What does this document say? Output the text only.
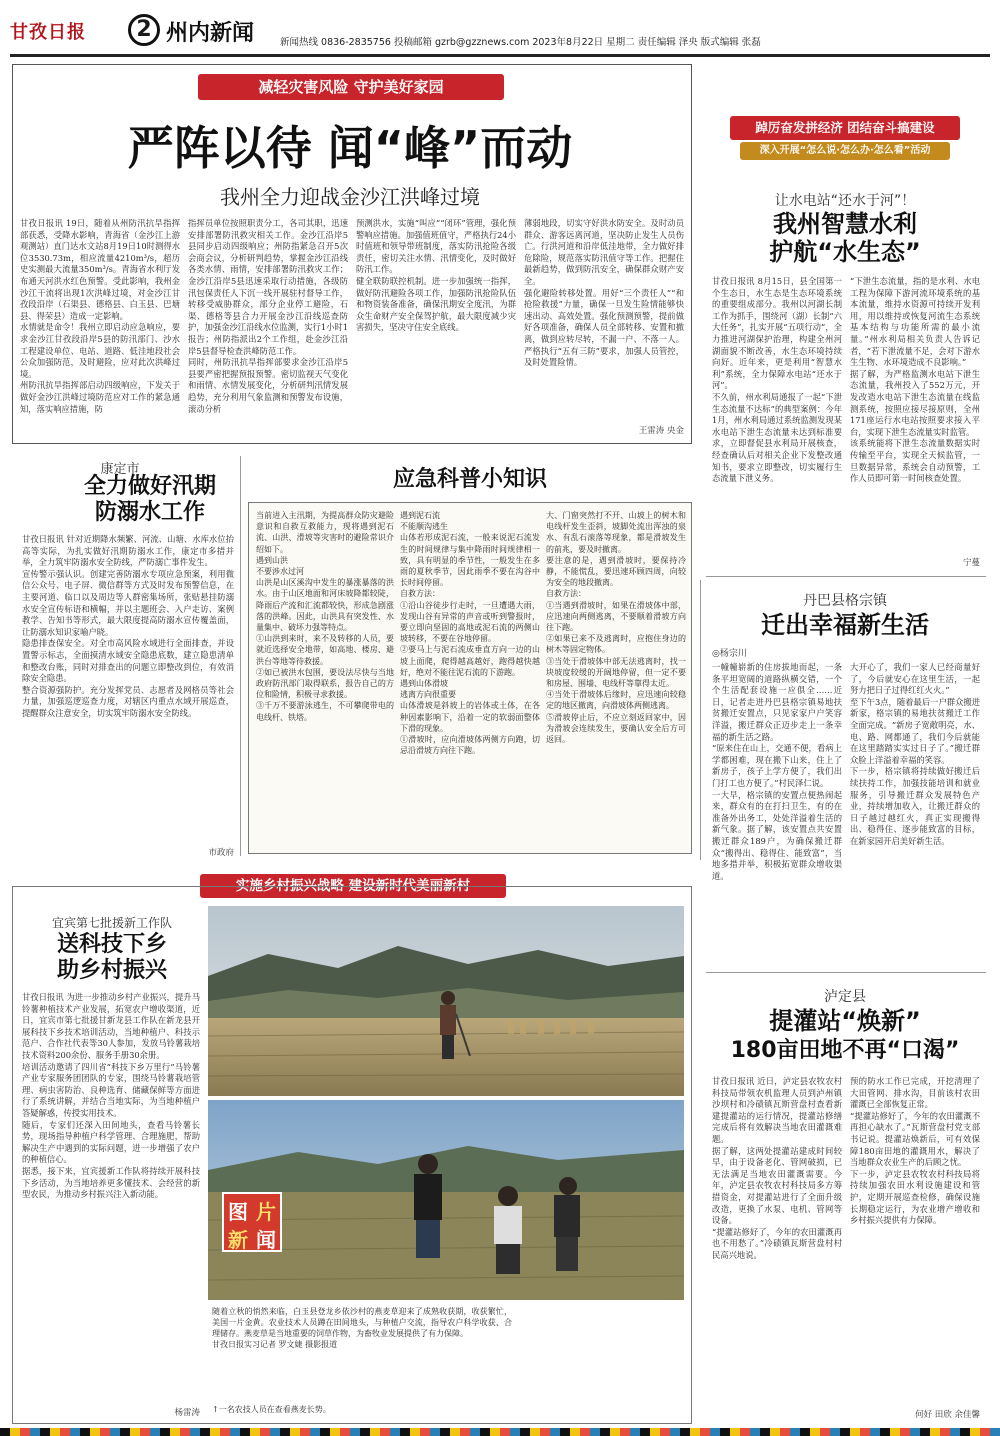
甘孜日报	2 州内新闻	新闻热线 0836-2835756 投稿邮箱 gzrb@gzznews.com 2023年8月22日 星期二 责任编辑 泽央 版式编辑 张磊
减轻灾害风险 守护美好家园
严阵以待 闻“峰”而动
我州全力迎战金沙江洪峰过境
甘孜日报讯 19日，随着从州防汛抗旱指挥部获悉，受降水影响，青海省（金沙江上游观测站）直门达水文站8月19日10时测得水位3530.73m，相应流量4210m³/s，超历史实测最大流量350m³/s。青海省水利厅发布通天河洪水红色预警。受此影响，我州金沙江干流将出现1次洪峰过境，对金沙江甘孜段沿岸（石渠县、德格县、白玉县、巴塘县、得荣县）造成一定影响。
水情就是命令！我州立即启动应急响应，要求金沙江甘孜段沿岸5县的防汛部门、沙水工程建设单位、电站、道路、低洼地段社会公众加强防范，及时避险，应对此次洪峰过境。
州防汛抗旱指挥部启动四级响应，下发关于做好金沙江洪峰过境防范应对工作的紧急通知，落实响应措施，防
指挥员单位按照职责分工，各司其职，迅速安排部署防汛救灾相关工作。金沙江沿岸5县同步启动四级响应；州防指紧急召开5次会商会议，分析研判趋势，掌握金沙江沿线各类水情、雨情，安排部署防汛救灾工作；金沙江沿岸5县迅速采取行动措施，各级防汛包保责任人下沉一线开展驻村督导工作，转移受威胁群众，部分企业停工避险，石渠、德格等县合力开展金沙江沿线巡查防护，加强金沙江沿线水位监测，实行1小时1报告；州防指派出2个工作组，赴金沙江沿岸5县督导检查洪峰防范工作。
同时，州防汛抗旱指挥部要求金沙江沿岸5县要严密把握预报预警。密切监视天气变化和雨情、水情发展变化，分析研判汛情发展趋势，充分利用气象监测和预警发布设施，滚动分析
预测洪水，实施“叫应”“闭环”管理，强化预警响应措施。加强值班值守，严格执行24小时值班和领导带班制度，落实防汛抢险各级责任，密切关注水情、汛情变化，及时做好防汛工作。
健全联防联控机制。进一步加强统一指挥，做好防汛避险各项工作，加强防汛抢险队伍和物资装备准备，确保汛期安全度汛，为群众生命财产安全保驾护航，最大限度减少灾害损失，坚决守住安全底线。
薄弱地段，切实守好洪水防安全。及时动员群众、游客远离河道，坚决防止发生人员伤亡。行洪河道和沿岸低洼地带，全力做好排危除险，规范落实防汛值守等工作。把握住最新趋势，做到防汛安全，确保群众财产安全。
强化避险转移处置。用好“三个责任人”“和抢险救援”力量，确保一旦发生险情能够快速出动、高效处置。强化预测预警，提前做好各项准备，确保人员全部转移、安置和撤离，做到应转尽转，不漏一户、不落一人。严格执行“五有三防”要求，加强人员管控，及时处置险情。
王雷涛 央金
踔厉奋发拼经济 团结奋斗搞建设
深入开展“怎么说·怎么办·怎么看”活动
让水电站“还水于河”！
我州智慧水利
护航“水生态”
甘孜日报讯 8月15日，县全国第一个生态日，水生态是生态环境系统的重要组成部分。我州以河湖长制工作为抓手，围绕河（湖）长制“六大任务”，扎实开展“五项行动”，全力推进河湖保护治理，构建全州河湖面貌不断改善，水生态环境持续向好。近年来，更是利用“智慧水利”系统，全力保障水电站“还水于河”。
不久前，州水利局通报了一起“下泄生态流量不达标”的典型案例：今年1月，州水利局通过系统监测发现某水电站下泄生态流量未达到标准要求，立即督促县水利局开展核查，经查确认后对相关企业下发整改通知书，要求立即整改，切实履行生态流量下泄义务。
“下泄生态流量，指的是水利、水电工程为保障下游河流环境系统的基本流量，维持水资源可持续开发利用，用以维持或恢复河流生态系统基本结构与功能所需的最小流量。”州水利局相关负责人告诉记者，“若下泄流量不足，会对下游水生生物、水环境造成不良影响。”
据了解，为严格监测水电站下泄生态流量，我州投入了552万元，开发改造水电站下泄生态流量在线监测系统，按照应接尽接原则，全州171座运行水电站按照要求接入平台，实现下泄生态流量实时监管。
该系统能将下泄生态流量数据实时传输至平台，实现全天候监管，一旦数据异常，系统会自动预警，工作人员即可第一时间核查处置。
宁蔓
康定市
全力做好汛期
防溺水工作
甘孜日报讯 针对近期降水频繁、河流、山塘、水库水位抬高等实际，为扎实做好汛期防溺水工作，康定市多措并举，全力筑牢防溺水安全防线，严防溺亡事件发生。
宣传警示强认识。创建完善防溺水专项应急预案，利用微信公众号、电子屏、微信群等方式及时发布预警信息，在主要河道、临口以及周边等人群密集场所，张贴悬挂防溺水安全宣传标语和横幅，并以主题班会、入户走访、案例教学、告知书等形式，最大限度提高防溺水宣传覆盖面，让防溺水知识家喻户晓。
隐患排查保安全。对全市高风险水域进行全面排查，并设置警示标志，全面摸清水域安全隐患底数，建立隐患清单和整改台账，同时对排查出的问题立即整改到位，有效消除安全隐患。
整合资源强防护。充分发挥党员、志愿者及网格员等社会力量，加强巡逻巡查力度，对辖区内重点水域开展巡查，提醒群众注意安全，切实筑牢防溺水安全防线。
市政府
应急科普小知识
当前进入主汛期，为提高群众防灾避险意识和自救互救能力，现将遇到泥石流、山洪、滑坡等灾害时的避险常识介绍如下。
遇到山洪
不要涉水过河
山洪是山区溪沟中发生的暴涨暴落的洪水。由于山区地面和河床坡降都较陡，降雨后产流和汇流都较快，形成急剧涨落的洪峰。因此，山洪具有突发性、水量集中、破坏力强等特点。
①山洪到来时，来不及转移的人员，要就近选择安全地带，如高地、楼房、避洪台等地等待救援。
②如已被洪水包围，要设法尽快与当地政府防汛部门取得联系，报告自己的方位和险情，积极寻求救援。
③千万不要游泳逃生，不可攀爬带电的电线杆、铁塔。
遇到泥石流
不能顺沟逃生
山体若形成泥石流，一般来说泥石流发生的时间规律与集中降雨时间规律相一致，具有明显的季节性，一般发生在多雨的夏秋季节，因此雨季不要在沟谷中长时间停留。
自救方法：
①沿山谷徒步行走时，一旦遭遇大雨，发现山谷有异常的声音或听到警报时，要立即向坚固的高地或泥石流的两侧山坡转移，不要在谷地停留。
②要马上与泥石流成垂直方向一边的山坡上面爬，爬得越高越好，跑得越快越好，绝对不能往泥石流的下游跑。
遇到山体滑坡
逃离方向很重要
山体滑坡是斜坡上的岩体或土体，在各种因素影响下，沿着一定的软弱面整体下滑的现象。
①滑坡时，应向滑坡体两侧方向跑，切忌沿滑坡方向往下跑。
大、门窗突然打不开、山坡上的树木和电线杆发生歪斜，坡脚处流出浑浊的泉水、有乱石滚落等现象，都是滑坡发生的前兆，要及时撤离。
要注意的是，遇到滑坡时，要保持冷静，不能慌乱，要迅速环顾四周，向较为安全的地段撤离。
自救方法：
①当遇到滑坡时，如果在滑坡体中部，应迅速向两侧逃离，不要顺着滑坡方向往下跑。
②如果已来不及逃离时，应抱住身边的树木等固定物体。
③当处于滑坡体中部无法逃离时，找一块坡度较缓的开阔地停留，但一定不要和房屋、围墙、电线杆等靠得太近。
④当处于滑坡体后缘时，应迅速向较稳定的地区撤离，向滑坡体两侧逃离。
⑤滑坡停止后，不应立刻返回家中，因为滑坡会连续发生，要确认安全后方可返回。
丹巴县格宗镇
迁出幸福新生活
◎杨宗川
一幢幢崭新的住房拔地而起，一条条平坦宽阔的道路纵横交错，一个个生活配套设施一应俱全……近日，记者走进丹巴县格宗镇易地扶贫搬迁安置点，只见家家户户笑容洋溢，搬迁群众正迈步走上一条幸福的新生活之路。
“原来住在山上，交通不便，看病上学都困难，现在搬下山来，住上了新房子，孩子上学方便了，我们出门打工也方便了。”村民泽仁说。
一大早，格宗镇的安置点便热闹起来，群众有的在打扫卫生，有的在准备外出务工，处处洋溢着生活的新气象。据了解，该安置点共安置搬迁群众189户，为确保搬迁群众“搬得出、稳得住、能致富”，当地多措并举，积极拓宽群众增收渠道。
大开心了，我们一家人已经商量好了，今后就安心在这里生活，一起努力把日子过得红红火火。”
至下午3点，随着最后一户群众搬进新家，格宗镇的易地扶贫搬迁工作全面完成。“新房子宽敞明亮，水、电、路、网都通了，我们今后就能在这里踏踏实实过日子了。”搬迁群众脸上洋溢着幸福的笑容。
下一步，格宗镇将持续做好搬迁后续扶持工作，加强技能培训和就业服务，引导搬迁群众发展特色产业，持续增加收入，让搬迁群众的日子越过越红火，真正实现搬得出、稳得住、逐步能致富的目标，在新家园开启美好新生活。
实施乡村振兴战略 建设新时代美丽新村
宜宾第七批援新工作队
送科技下乡
助乡村振兴
甘孜日报讯 为进一步推动乡村产业振兴，提升马铃薯种植技术产业发展，拓宽农户增收渠道，近日，宜宾市第七批援甘新龙县工作队在新龙县开展科技下乡技术培训活动，当地种植户、科技示范户、合作社代表等30人参加，发放马铃薯栽培技术资料200余份、服务手册30余册。
培训活动邀请了四川省“科技下乡万里行”马铃薯产业专家服务团团队的专家，围绕马铃薯栽培管理、病虫害防治、良种选育、储藏保鲜等方面进行了系统讲解，并结合当地实际，为当地种植户答疑解惑，传授实用技术。
随后，专家们还深入田间地头，查看马铃薯长势，现场指导种植户科学管理、合理施肥，帮助解决生产中遇到的实际问题，进一步增强了农户的种植信心。
据悉，接下来，宜宾援新工作队将持续开展科技下乡活动，为当地培养更多懂技术、会经营的新型农民，为推动乡村振兴注入新动能。
杨雷涛
图 片
新 闻
随着立秋的悄然来临，白玉县登龙乡依沙村的燕麦草迎来了成熟收获期，收获繁忙，美国一片金黄。农业技术人员蹲在田间地头，与种植户交流，指导农户科学收获、合理储存。燕麦草是当地重要的饲草作物，为畜牧业发展提供了有力保障。
甘孜日报实习记者 罗文婕 摄影报道
↑一名农技人员在查看燕麦长势。
泸定县
提灌站“焕新”
180亩田地不再“口渴”
甘孜日报讯 近日，泸定县农牧农村科技局带领农机监理人员到泸州镇沙坝村和冷碛镇瓦斯营盘村查看新建提灌站的运行情况，提灌站修缮完成后将有效解决当地农田灌溉难题。
据了解，这两处提灌站建成时间较早，由于设备老化、管网破损，已无法满足当地农田灌溉需要。今年，泸定县农牧农村科技局多方筹措资金，对提灌站进行了全面升级改造，更换了水泵、电机、管网等设备。
“提灌站修好了，今年的农田灌溉再也不用愁了。”冷碛镇瓦斯营盘村村民高兴地说。
预的防水工作已完成，开挖清理了大田管网、排水沟，目前该村农田灌溉已全部恢复正常。
“提灌站修好了，今年的农田灌溉不再担心缺水了。”瓦斯营盘村党支部书记说。提灌站焕新后，可有效保障180亩田地的灌溉用水，解决了当地群众农业生产的后顾之忧。
下一步，泸定县农牧农村科技局将持续加强农田水利设施建设和管护，定期开展巡查检修，确保设施长期稳定运行，为农业增产增收和乡村振兴提供有力保障。
何好 田欣 余佳馨
